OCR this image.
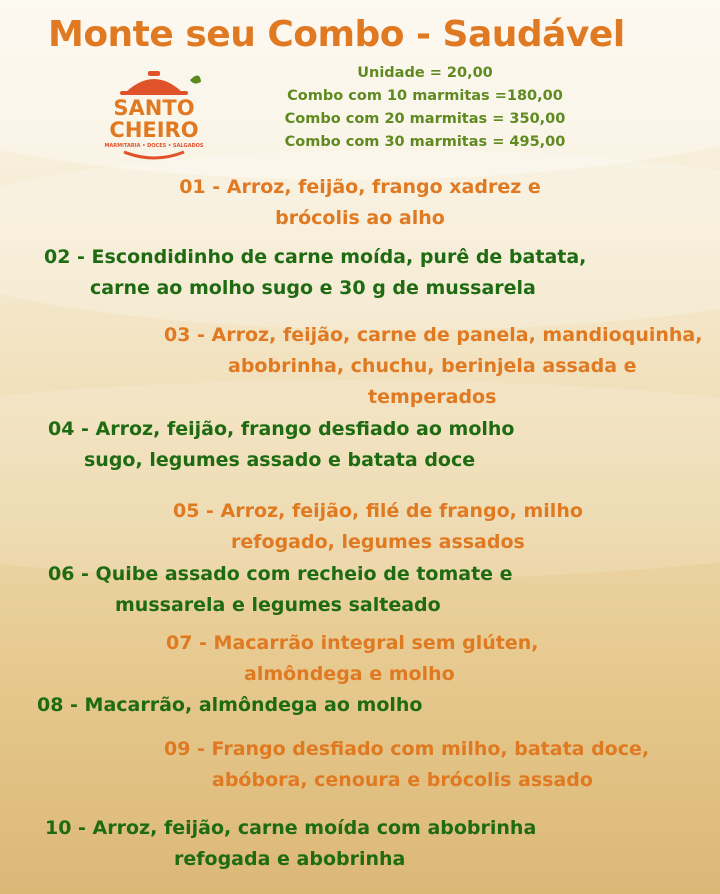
Monte seu Combo - Saudável
SANTO
CHEIRO
MARMITARIA • DOCES • SALGADOS
Unidade = 20,00
Combo com 10 marmitas =180,00
Combo com 20 marmitas = 350,00
Combo com 30 marmitas = 495,00
01 - Arroz, feijão, frango xadrez e
brócolis ao alho
02 - Escondidinho de carne moída, purê de batata,
carne ao molho sugo e 30 g de mussarela
03 - Arroz, feijão, carne de panela, mandioquinha,
abobrinha, chuchu, berinjela assada e
temperados
04 - Arroz, feijão, frango desfiado ao molho
sugo, legumes assado e batata doce
05 - Arroz, feijão, filé de frango, milho
refogado, legumes assados
06 - Quibe assado com recheio de tomate e
mussarela e legumes salteado
07 - Macarrão integral sem glúten,
almôndega e molho
08 - Macarrão, almôndega ao molho
09 - Frango desfiado com milho, batata doce,
abóbora, cenoura e brócolis assado
10 - Arroz, feijão, carne moída com abobrinha
refogada e abobrinha
